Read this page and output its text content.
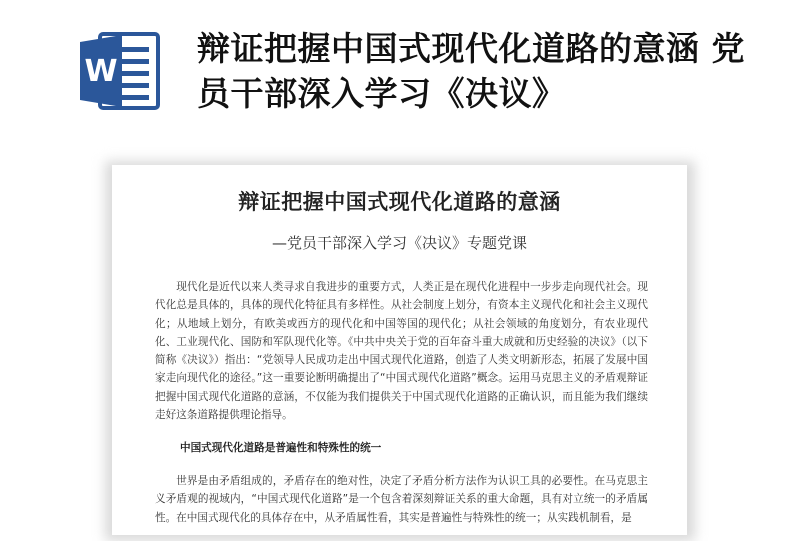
W
辩证把握中国式现代化道路的意涵 党员干部深入学习《决议》
辩证把握中国式现代化道路的意涵
—党员干部深入学习《决议》专题党课
现代化是近代以来人类寻求自我进步的重要方式，人类正是在现代化进程中一步步走向现代社会。现代化总是具体的，具体的现代化特征具有多样性。从社会制度上划分，有资本主义现代化和社会主义现代化；从地域上划分，有欧美或西方的现代化和中国等国的现代化；从社会领域的角度划分，有农业现代化、工业现代化、国防和军队现代化等。《中共中央关于党的百年奋斗重大成就和历史经验的决议》（以下简称《决议》）指出：“党领导人民成功走出中国式现代化道路，创造了人类文明新形态，拓展了发展中国家走向现代化的途径。”这一重要论断明确提出了“中国式现代化道路”概念。运用马克思主义的矛盾观辩证把握中国式现代化道路的意涵，不仅能为我们提供关于中国式现代化道路的正确认识，而且能为我们继续走好这条道路提供理论指导。
中国式现代化道路是普遍性和特殊性的统一
世界是由矛盾组成的，矛盾存在的绝对性，决定了矛盾分析方法作为认识工具的必要性。在马克思主义矛盾观的视域内，“中国式现代化道路”是一个包含着深刻辩证关系的重大命题，具有对立统一的矛盾属性。在中国式现代化的具体存在中，从矛盾属性看，其实是普遍性与特殊性的统一；从实践机制看，是
